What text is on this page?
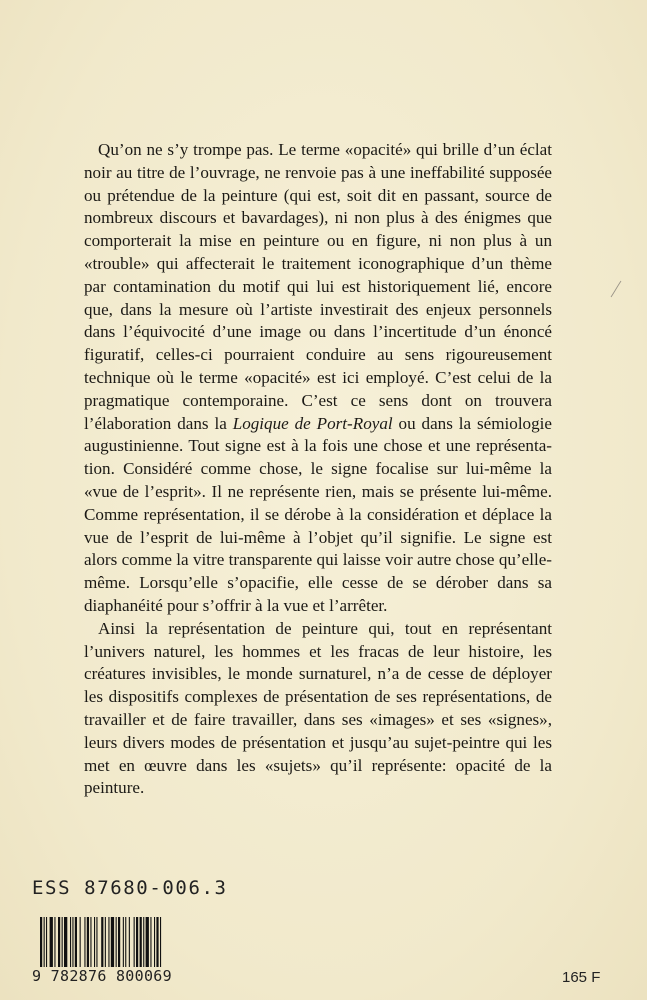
Qu’on ne s’y trompe pas. Le terme «opacité» qui brille d’un éclat noir au titre de l’ouvrage, ne renvoie pas à une ineffabilité supposée ou prétendue de la peinture (qui est, soit dit en passant, source de nombreux discours et bavardages), ni non plus à des énigmes que comporterait la mise en peinture ou en figure, ni non plus à un «trouble» qui affecterait le traitement iconographique d’un thème par contamination du motif qui lui est historiquement lié, encore que, dans la mesure où l’artiste investirait des enjeux personnels dans l’équivocité d’une image ou dans l’incertitude d’un énoncé figuratif, celles-ci pourraient conduire au sens rigoureusement technique où le terme «opacité» est ici employé. C’est celui de la pragmatique contemporaine. C’est ce sens dont on trouvera l’élaboration dans la Logique de Port-Royal ou dans la sémiologie augustinienne. Tout signe est à la fois une chose et une représentation. Considéré comme chose, le signe focalise sur lui-même la «vue de l’esprit». Il ne représente rien, mais se présente lui-même. Comme représentation, il se dérobe à la considération et déplace la vue de l’esprit de lui-même à l’objet qu’il signifie. Le signe est alors comme la vitre transparente qui laisse voir autre chose qu’elle-même. Lorsqu’elle s’opacifie, elle cesse de se dérober dans sa diaphanéité pour s’offrir à la vue et l’arrêter.

Ainsi la représentation de peinture qui, tout en représentant l’univers naturel, les hommes et les fracas de leur histoire, les créatures invisibles, le monde surnaturel, n’a de cesse de déployer les dispositifs complexes de présentation de ses représentations, de travailler et de faire travailler, dans ses «images» et ses «signes», leurs divers modes de présentation et jusqu’au sujet-peintre qui les met en œuvre dans les «sujets» qu’il représente: opacité de la peinture.

ESS 87680-006.3
9 782876 800069	165 F
